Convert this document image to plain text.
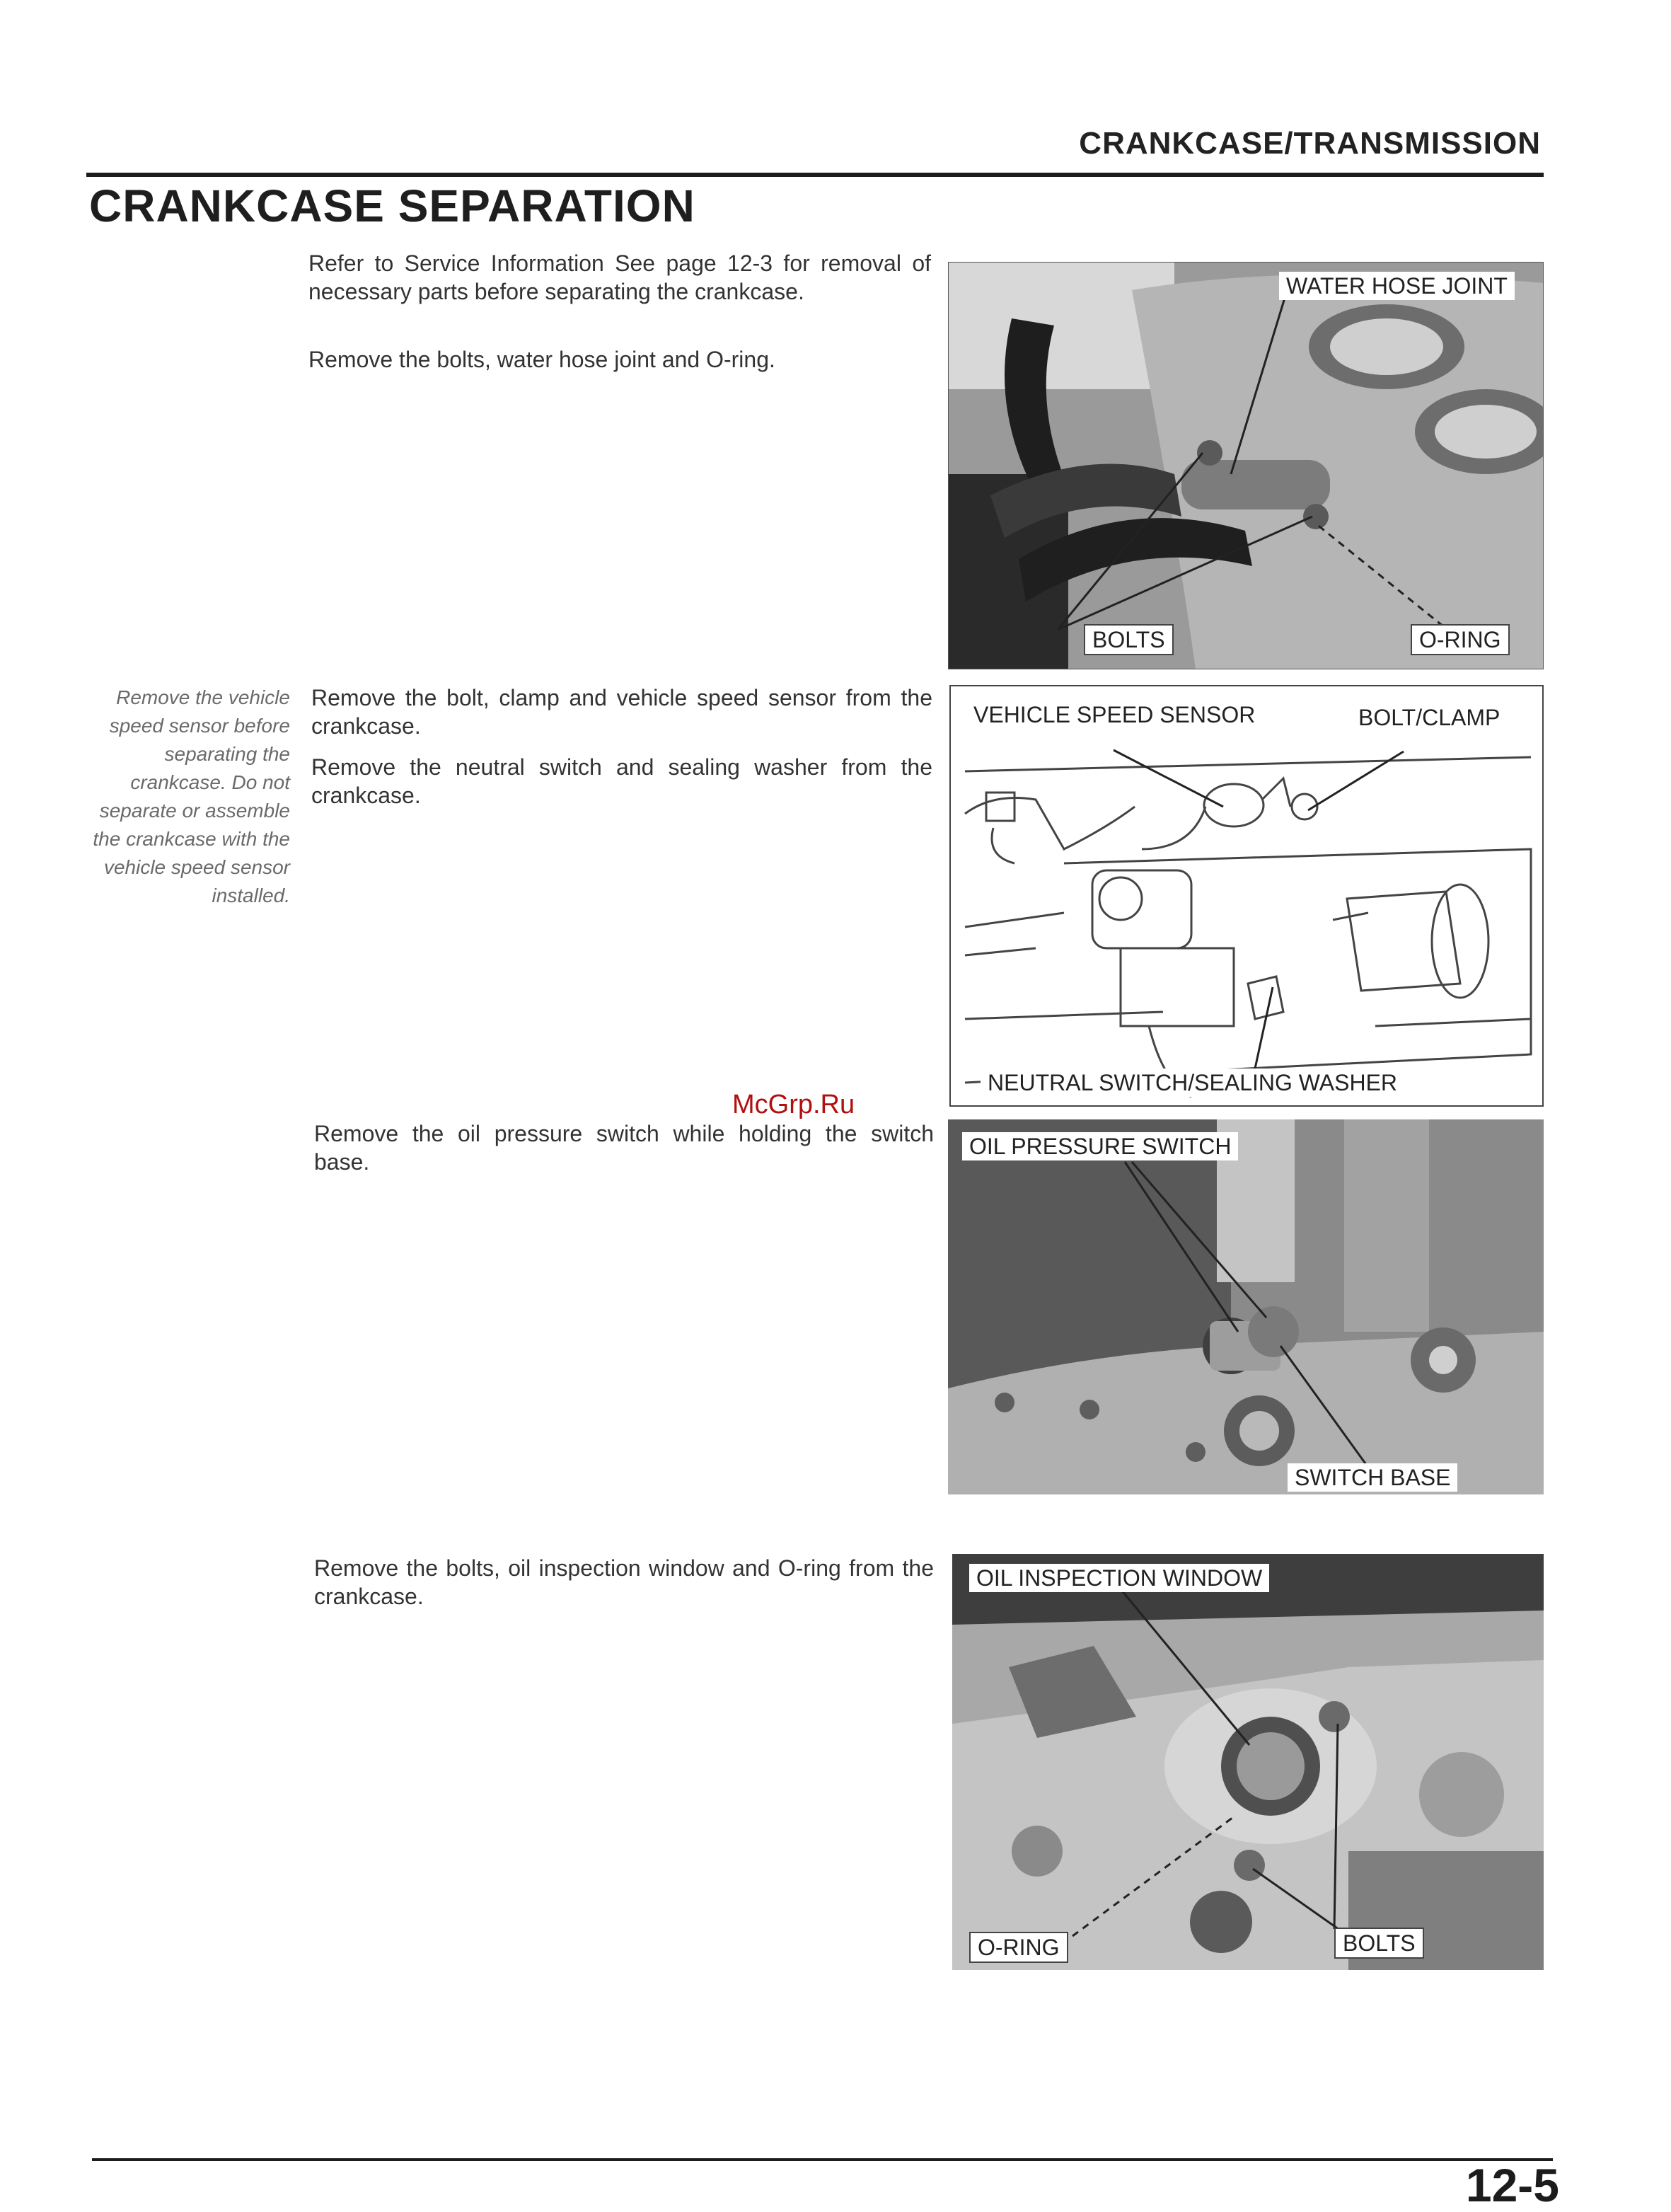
CRANKCASE/TRANSMISSION
CRANKCASE SEPARATION
Refer to Service Information See page 12-3 for removal of necessary parts before separating the crankcase.
Remove the bolts, water hose joint and O-ring.
Remove the bolt, clamp and vehicle speed sensor from the crankcase.
Remove the neutral switch and sealing washer from the crankcase.
Remove the oil pressure switch while holding the switch base.
Remove the bolts, oil inspection window and O-ring from the crankcase.
Remove the vehicle speed sensor before separating the crankcase. Do not separate or assemble the crankcase with the vehicle speed sensor installed.
WATER HOSE JOINT
BOLTS	O-RING
VEHICLE SPEED SENSOR	BOLT/CLAMP
NEUTRAL SWITCH/SEALING WASHER
OIL PRESSURE SWITCH
SWITCH BASE
OIL INSPECTION WINDOW
O-RING	BOLTS
McGrp.Ru
12-5
